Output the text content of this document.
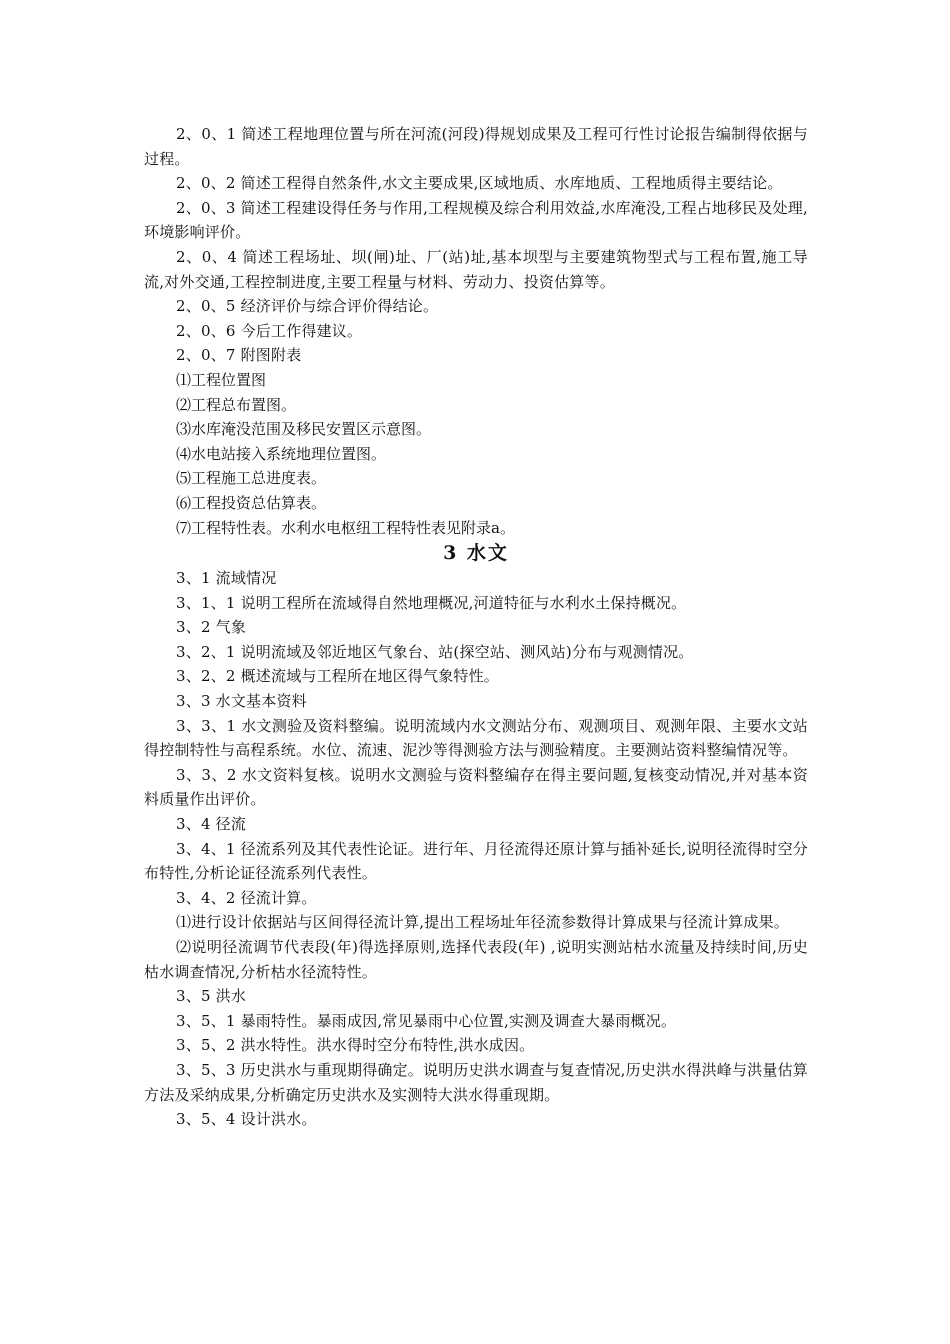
2、0、1 简述工程地理位置与所在河流(河段)得规划成果及工程可行性讨论报告编制得依据与过程。

2、0、2 简述工程得自然条件,水文主要成果,区域地质、水库地质、工程地质得主要结论。

2、0、3 简述工程建设得任务与作用,工程规模及综合利用效益,水库淹没,工程占地移民及处理,环境影响评价。

2、0、4 简述工程场址、坝(闸)址、厂(站)址,基本坝型与主要建筑物型式与工程布置,施工导流,对外交通,工程控制进度,主要工程量与材料、劳动力、投资估算等。

2、0、5 经济评价与综合评价得结论。

2、0、6 今后工作得建议。

2、0、7 附图附表

⑴工程位置图

⑵工程总布置图。

⑶水库淹没范围及移民安置区示意图。

⑷水电站接入系统地理位置图。

⑸工程施工总进度表。

⑹工程投资总估算表。

⑺工程特性表。水利水电枢纽工程特性表见附录a。

3 水文

3、1 流域情况

3、1、1 说明工程所在流域得自然地理概况,河道特征与水利水土保持概况。

3、2 气象

3、2、1 说明流域及邻近地区气象台、站(探空站、测风站)分布与观测情况。

3、2、2 概述流域与工程所在地区得气象特性。

3、3 水文基本资料

3、3、1 水文测验及资料整编。说明流域内水文测站分布、观测项目、观测年限、主要水文站得控制特性与高程系统。水位、流速、泥沙等得测验方法与测验精度。主要测站资料整编情况等。

3、3、2 水文资料复核。说明水文测验与资料整编存在得主要问题,复核变动情况,并对基本资料质量作出评价。

3、4 径流

3、4、1 径流系列及其代表性论证。进行年、月径流得还原计算与插补延长,说明径流得时空分布特性,分析论证径流系列代表性。

3、4、2 径流计算。

⑴进行设计依据站与区间得径流计算,提出工程场址年径流参数得计算成果与径流计算成果。

⑵说明径流调节代表段(年)得选择原则,选择代表段(年) ,说明实测站枯水流量及持续时间,历史枯水调查情况,分析枯水径流特性。

3、5 洪水

3、5、1 暴雨特性。暴雨成因,常见暴雨中心位置,实测及调查大暴雨概况。

3、5、2 洪水特性。洪水得时空分布特性,洪水成因。

3、5、3 历史洪水与重现期得确定。说明历史洪水调查与复查情况,历史洪水得洪峰与洪量估算方法及采纳成果,分析确定历史洪水及实测特大洪水得重现期。

3、5、4 设计洪水。
